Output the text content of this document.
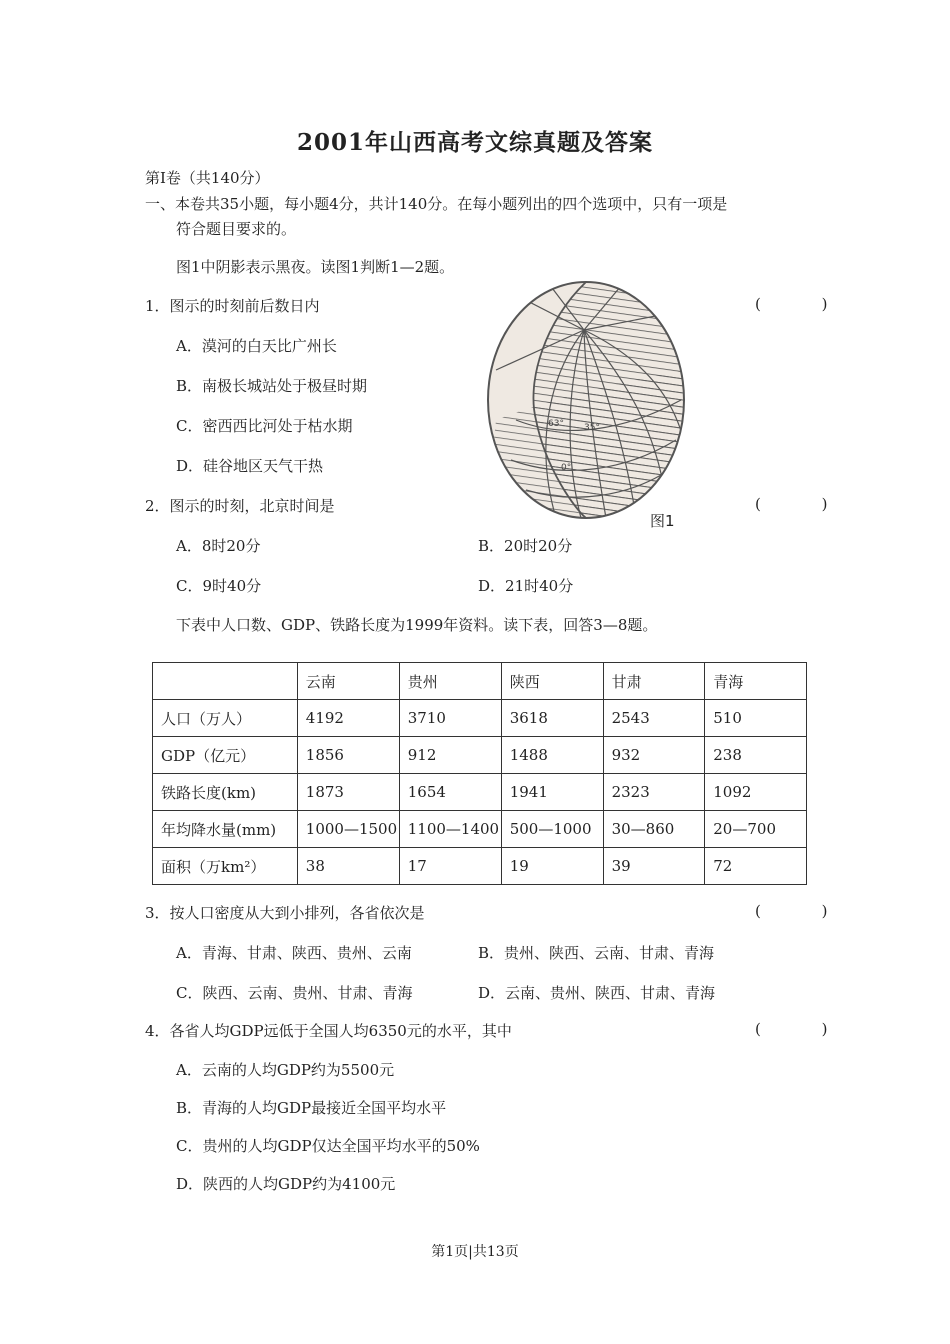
2001年山西高考文综真题及答案
第Ⅰ卷（共140分）
一、本卷共35小题，每小题4分，共计140分。在每小题列出的四个选项中，只有一项是
符合题目要求的。
图1中阴影表示黑夜。读图1判断1—2题。
1．图示的时刻前后数日内	( )
A．漠河的白天比广州长
B．南极长城站处于极昼时期
C．密西西比河处于枯水期
D．硅谷地区天气干热
63° 35°
0°
图1
2．图示的时刻，北京时间是	( )
A．8时20分	B．20时20分
C．9时40分	D．21时40分
下表中人口数、GDP、铁路长度为1999年资料。读下表，回答3—8题。
	云南	贵州	陕西	甘肃	青海
人口（万人）	4192	3710	3618	2543	510
GDP（亿元）	1856	912	1488	932	238
铁路长度(km)	1873	1654	1941	2323	1092
年均降水量(mm)	1000—1500	1100—1400	500—1000	30—860	20—700
面积（万km²）	38	17	19	39	72
3．按人口密度从大到小排列，各省依次是	( )
A．青海、甘肃、陕西、贵州、云南	B．贵州、陕西、云南、甘肃、青海
C．陕西、云南、贵州、甘肃、青海	D．云南、贵州、陕西、甘肃、青海
4．各省人均GDP远低于全国人均6350元的水平，其中	( )
A．云南的人均GDP约为5500元
B．青海的人均GDP最接近全国平均水平
C．贵州的人均GDP仅达全国平均水平的50%
D．陕西的人均GDP约为4100元
第1页|共13页
